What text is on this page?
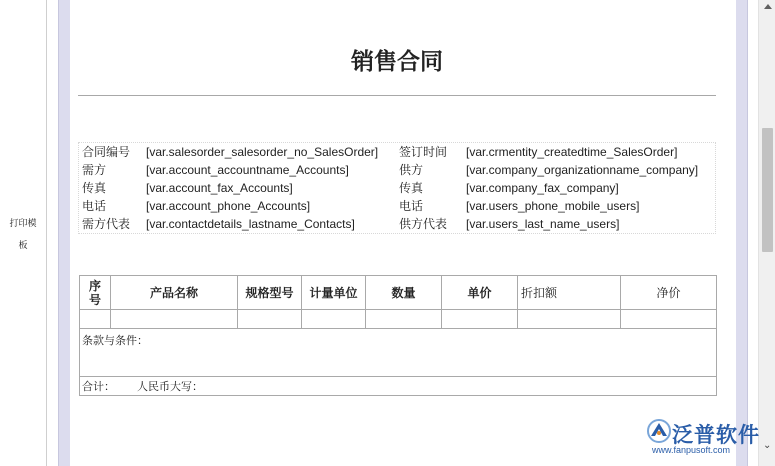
打印模
板
⌄
销售合同
合同编号 [var.salesorder_salesorder_no_SalesOrder] 签订时间 [var.crmentity_createdtime_SalesOrder]
需方	[var.account_accountname_Accounts]	供方	[var.company_organizationname_company]
传真	[var.account_fax_Accounts]	传真	[var.company_fax_company]
电话	[var.account_phone_Accounts]	电话	[var.users_phone_mobile_users]
需方代表 [var.contactdetails_lastname_Contacts]	供方代表 [var.users_last_name_users]
序号	产品名称	规格型号	计量单位	数量	单价	折扣额	净价

条款与条件：							
合计： 人民币大写：							
泛普软件
www.fanpusoft.com
